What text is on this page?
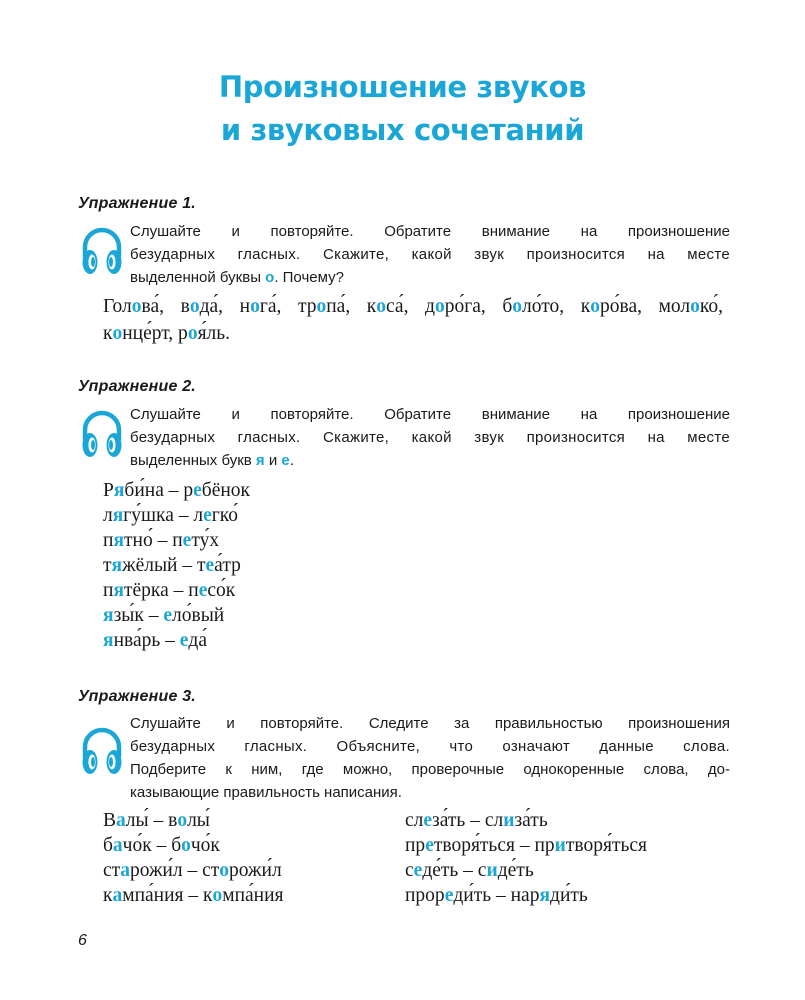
Произношение звуков
и звуковых сочетаний
Упражнение 1.
Слушайте и повторяйте. Обратите внимание на произношение
безударных гласных. Скажите, какой звук произносится на месте
выделенной буквы о. Почему?
Голова́, вода́, нога́, тропа́, коса́, доро́га, боло́то, коро́ва, молоко́,
конце́рт, роя́ль.
Упражнение 2.
Слушайте и повторяйте. Обратите внимание на произношение
безударных гласных. Скажите, какой звук произносится на месте
выделенных букв я и е.
Ряби́на – ребёнок
лягу́шка – легко́
пятно́ – пету́х
тяжёлый – теа́тр
пятёрка – песо́к
язы́к – ело́вый
янва́рь – еда́
Упражнение 3.
Слушайте и повторяйте. Следите за правильностью произношения
безударных гласных. Объясните, что означают данные слова.
Подберите к ним, где можно, проверочные однокоренные слова, до-
казывающие правильность написания.
Валы́ – волы́
бачо́к – бочо́к
старожи́л – сторожи́л
кампа́ния – компа́ния
слеза́ть – слиза́ть
претворя́ться – притворя́ться
седе́ть – сиде́ть
прореди́ть – наряди́ть
6
